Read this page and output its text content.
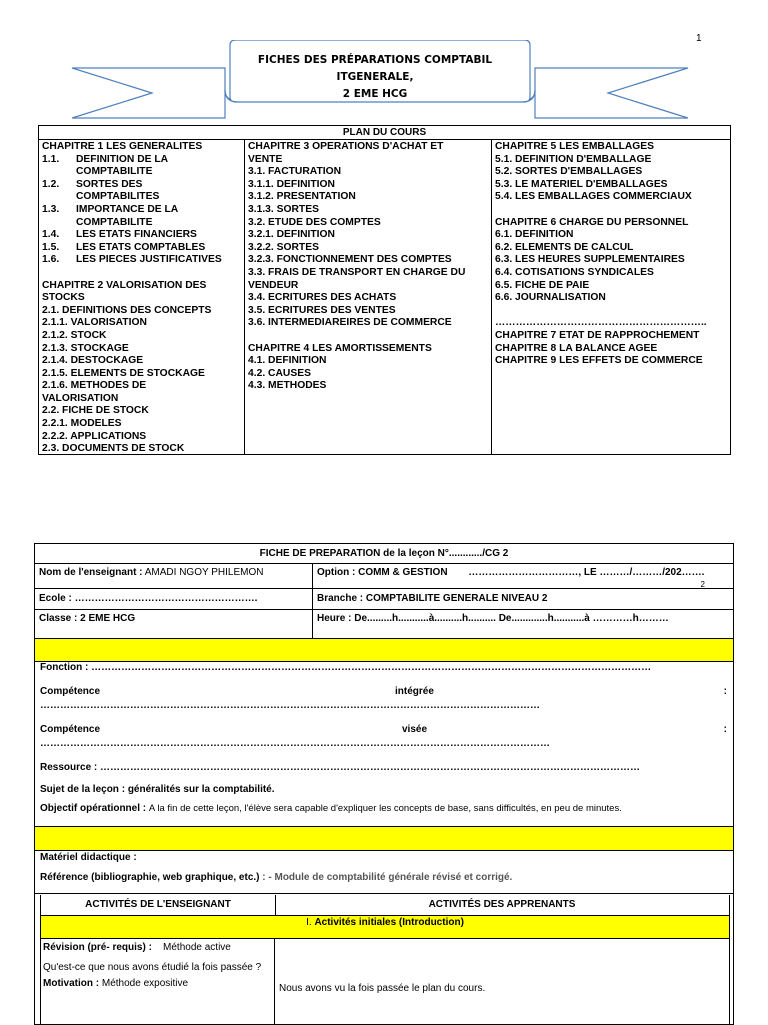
1
FICHES DES PRÉPARATIONS COMPTABIL ITGENERALE,
2 EME HCG
PLAN DU COURS
CHAPITRE 1 LES GENERALITES
1.1.	DEFINITION DE LA
COMPTABILITE
1.2.	SORTES DES
COMPTABILITES
1.3.	IMPORTANCE DE LA
COMPTABILITE
1.4.	LES ETATS FINANCIERS
1.5.	LES ETATS COMPTABLES
1.6.	LES PIECES JUSTIFICATIVES
CHAPITRE 2 VALORISATION DES
STOCKS
2.1. DEFINITIONS DES CONCEPTS
2.1.1. VALORISATION
2.1.2. STOCK
2.1.3. STOCKAGE
2.1.4. DESTOCKAGE
2.1.5. ELEMENTS DE STOCKAGE
2.1.6. METHODES DE
VALORISATION
2.2. FICHE DE STOCK
2.2.1. MODELES
2.2.2. APPLICATIONS
2.3. DOCUMENTS DE STOCK
CHAPITRE 3 OPERATIONS D'ACHAT ET
VENTE
3.1. FACTURATION
3.1.1. DEFINITION
3.1.2. PRESENTATION
3.1.3. SORTES
3.2. ETUDE DES COMPTES
3.2.1. DEFINITION
3.2.2. SORTES
3.2.3. FONCTIONNEMENT DES COMPTES
3.3. FRAIS DE TRANSPORT EN CHARGE DU
VENDEUR
3.4. ECRITURES DES ACHATS
3.5. ECRITURES DES VENTES
3.6. INTERMEDIAREIRES DE COMMERCE
CHAPITRE 4 LES AMORTISSEMENTS
4.1. DEFINITION
4.2. CAUSES
4.3. METHODES
CHAPITRE 5 LES EMBALLAGES
5.1. DEFINITION D'EMBALLAGE
5.2. SORTES D'EMBALLAGES
5.3. LE MATERIEL D'EMBALLAGES
5.4. LES EMBALLAGES COMMERCIAUX
CHAPITRE 6 CHARGE DU PERSONNEL
6.1. DEFINITION
6.2. ELEMENTS DE CALCUL
6.3. LES HEURES SUPPLEMENTAIRES
6.4. COTISATIONS SYNDICALES
6.5. FICHE DE PAIE
6.6. JOURNALISATION
……………………………………………………..
CHAPITRE 7 ETAT DE RAPPROCHEMENT
CHAPITRE 8 LA BALANCE AGEE
CHAPITRE 9 LES EFFETS DE COMMERCE
FICHE DE PREPARATION de la leçon N°............/CG 2
Nom de l'enseignant : AMADI NGOY PHILEMON	Option : COMM & GESTION ……………………………, LE ………/………/202…….
2
Ecole : ……………………………………………….	Branche : COMPTABILITE GENERALE NIVEAU 2
Classe : 2 EME HCG	Heure : De.........h...........à..........h.......... De.............h...........à …………h………
Fonction : ……………………………………………………………………………………………………………………………………………………
Compétence	intégrée	:
……………………………………………………………………………………………………………………………………
Compétence	visée	:
………………………………………………………………………………………………………………………………………
Ressource : ………………………………………………………………………………………………………………………………………………
Sujet de la leçon : généralités sur la comptabilité.
Objectif opérationnel : A la fin de cette leçon, l'élève sera capable d'expliquer les concepts de base, sans difficultés, en peu de minutes.
Matériel didactique :
Référence (bibliographie, web graphique, etc.) : - Module de comptabilité générale révisé et corrigé.
ACTIVITÉS DE L'ENSEIGNANT	ACTIVITÉS DES APPRENANTS
I. Activités initiales (Introduction)
Révision (pré- requis) : Méthode active
Qu'est-ce que nous avons étudié la fois passée ?
Motivation : Méthode expositive	Nous avons vu la fois passée le plan du cours.
